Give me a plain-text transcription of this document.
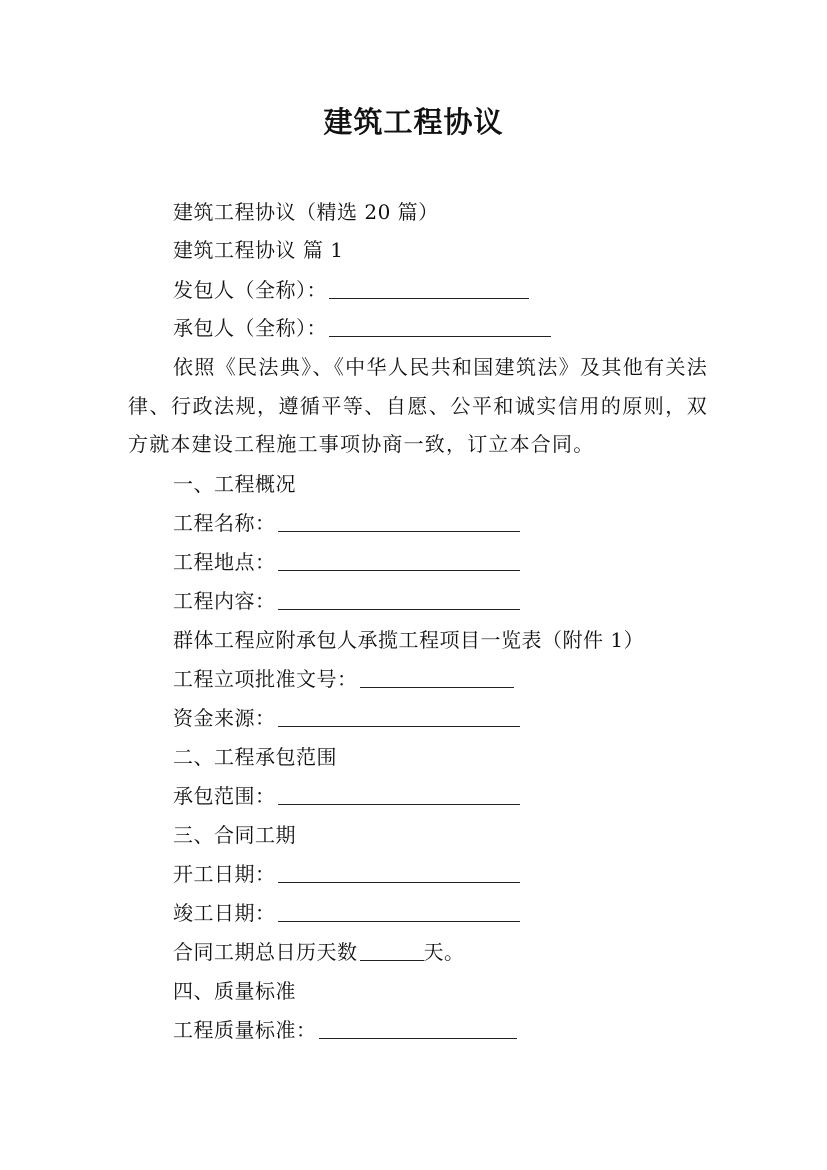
建筑工程协议
建筑工程协议（精选 20 篇）
建筑工程协议 篇 1
发包人（全称）：
承包人（全称）：
依照《民法典》、《中华人民共和国建筑法》及其他有关法律、行政法规，遵循平等、自愿、公平和诚实信用的原则，双方就本建设工程施工事项协商一致，订立本合同。
一、工程概况
工程名称：
工程地点：
工程内容：
群体工程应附承包人承揽工程项目一览表（附件 1）
工程立项批准文号：
资金来源：
二、工程承包范围
承包范围：
三、合同工期
开工日期：
竣工日期：
合同工期总日历天数	天。
四、质量标准
工程质量标准：
